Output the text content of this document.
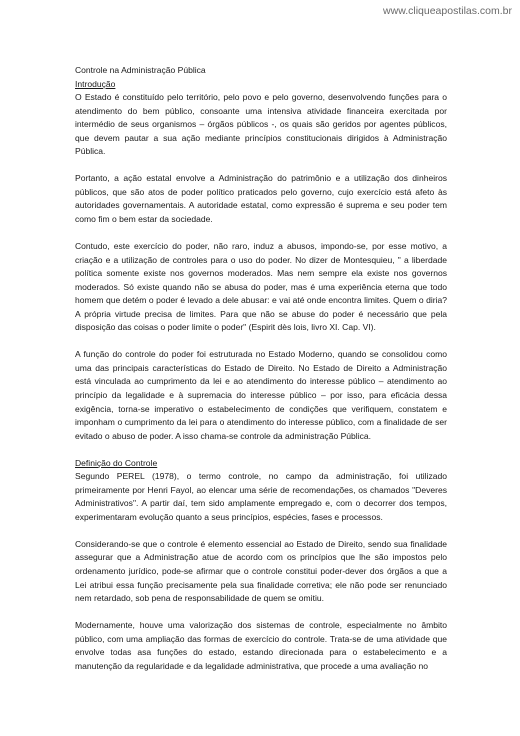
www.cliqueapostilas.com.br

Controle na Administração Pública

Introdução

O Estado é constituído pelo território, pelo povo e pelo governo, desenvolvendo funções para o atendimento do bem público, consoante uma intensiva atividade financeira exercitada por intermédio de seus organismos – órgãos públicos -, os quais são geridos por agentes públicos, que devem pautar a sua ação mediante princípios constitucionais dirigidos à Administração Pública.

Portanto, a ação estatal envolve a Administração do patrimônio e a utilização dos dinheiros públicos, que são atos de poder político praticados pelo governo, cujo exercício está afeto às autoridades governamentais. A autoridade estatal, como expressão é suprema e seu poder tem como fim o bem estar da sociedade.

Contudo, este exercício do poder, não raro, induz a abusos, impondo-se, por esse motivo, a criação e a utilização de controles para o uso do poder. No dizer de Montesquieu, " a liberdade política somente existe nos governos moderados. Mas nem sempre ela existe nos governos moderados. Só existe quando não se abusa do poder, mas é uma experiência eterna que todo homem que detém o poder é levado a dele abusar: e vai até onde encontra limites. Quem o diria? A própria virtude precisa de limites. Para que não se abuse do poder é necessário que pela disposição das coisas o poder limite o poder" (Espirit dès lois, livro XI. Cap. VI).

A função do controle do poder foi estruturada no Estado Moderno, quando se consolidou como uma das principais características do Estado de Direito. No Estado de Direito a Administração está vinculada ao cumprimento da lei e ao atendimento do interesse público – atendimento ao princípio da legalidade e à supremacia do interesse público – por isso, para eficácia dessa exigência, torna-se imperativo o estabelecimento de condições que verifiquem, constatem e imponham o cumprimento da lei para o atendimento do interesse público, com a finalidade de ser evitado o abuso de poder. A isso chama-se controle da administração Pública.

Definição do Controle

Segundo PEREL (1978), o termo controle, no campo da administração, foi utilizado primeiramente por Henri Fayol, ao elencar uma série de recomendações, os chamados "Deveres Administrativos". A partir daí, tem sido amplamente empregado e, com o decorrer dos tempos, experimentaram evolução quanto a seus princípios, espécies, fases e processos.

Considerando-se que o controle é elemento essencial ao Estado de Direito, sendo sua finalidade assegurar que a Administração atue de acordo com os princípios que lhe são impostos pelo ordenamento jurídico, pode-se afirmar que o controle constitui poder-dever dos órgãos a que a Lei atribui essa função precisamente pela sua finalidade corretiva; ele não pode ser renunciado nem retardado, sob pena de responsabilidade de quem se omitiu.

Modernamente, houve uma valorização dos sistemas de controle, especialmente no âmbito público, com uma ampliação das formas de exercício do controle. Trata-se de uma atividade que envolve todas asa funções do estado, estando direcionada para o estabelecimento e a manutenção da regularidade e da legalidade administrativa, que procede a uma avaliação no
